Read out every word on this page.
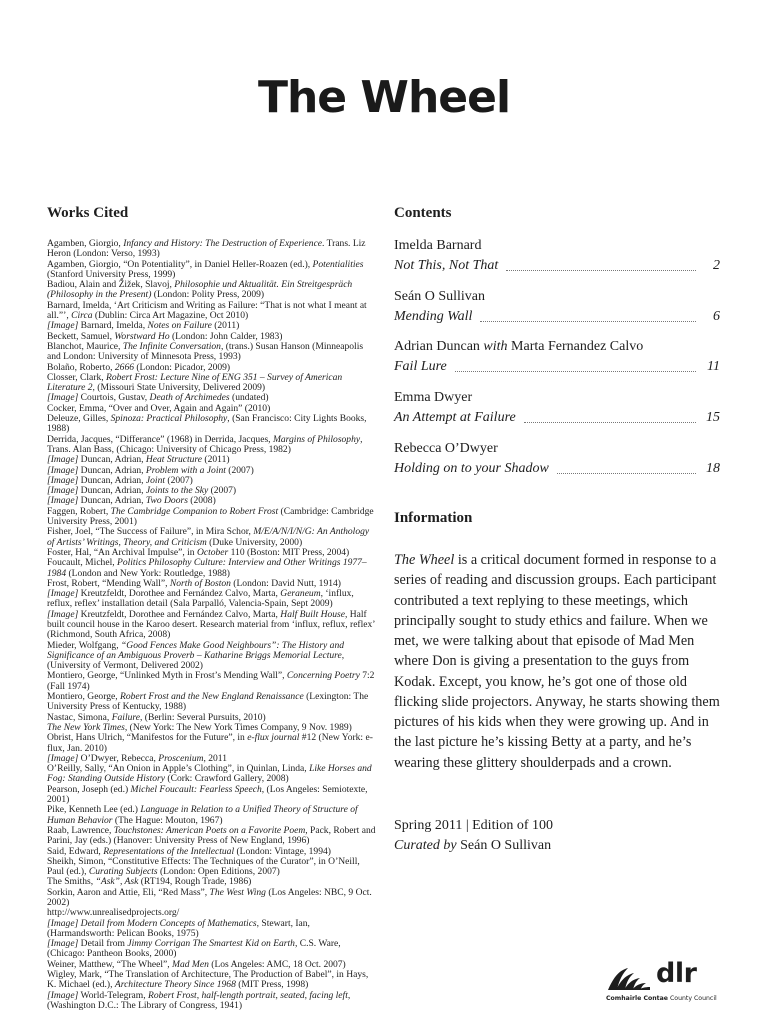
The Wheel
Works Cited

Agamben, Giorgio, Infancy and History: The Destruction of Experience. Trans. Liz Heron (London: Verso, 1993)

Agamben, Giorgio, “On Potentiality”, in Daniel Heller-Roazen (ed.), Potentialities (Stanford University Press, 1999)

Badiou, Alain and Žižek, Slavoj, Philosophie und Aktualität. Ein Streitgespräch (Philosophy in the Present) (London: Polity Press, 2009)

Barnard, Imelda, ‘Art Criticism and Writing as Failure: “That is not what I meant at all.”’, Circa (Dublin: Circa Art Magazine, Oct 2010)

[Image] Barnard, Imelda, Notes on Failure (2011)

Beckett, Samuel, Worstward Ho (London: John Calder, 1983)

Blanchot, Maurice, The Infinite Conversation, (trans.) Susan Hanson (Minneapolis and London: University of Minnesota Press, 1993)

Bolaño, Roberto, 2666 (London: Picador, 2009)

Closser, Clark, Robert Frost: Lecture Nine of ENG 351 – Survey of American Literature 2, (Missouri State University, Delivered 2009)

[Image] Courtois, Gustav, Death of Archimedes (undated)

Cocker, Emma, “Over and Over, Again and Again” (2010)

Deleuze, Gilles, Spinoza: Practical Philosophy, (San Francisco: City Lights Books, 1988)

Derrida, Jacques, “Differance” (1968) in Derrida, Jacques, Margins of Philosophy, Trans. Alan Bass, (Chicago: University of Chicago Press, 1982)

[Image] Duncan, Adrian, Heat Structure (2011)

[Image] Duncan, Adrian, Problem with a Joint (2007)

[Image] Duncan, Adrian, Joint (2007)

[Image] Duncan, Adrian, Joints to the Sky (2007)

[Image] Duncan, Adrian, Two Doors (2008)

Faggen, Robert, The Cambridge Companion to Robert Frost (Cambridge: Cambridge University Press, 2001)

Fisher, Joel, “The Success of Failure”, in Mira Schor, M/E/A/N/I/N/G: An Anthology of Artists’ Writings, Theory, and Criticism (Duke University, 2000)

Foster, Hal, “An Archival Impulse”, in October 110 (Boston: MIT Press, 2004)

Foucault, Michel, Politics Philosophy Culture: Interview and Other Writings 1977–1984 (London and New York: Routledge, 1988)

Frost, Robert, “Mending Wall”, North of Boston (London: David Nutt, 1914)

[Image] Kreutzfeldt, Dorothee and Fernández Calvo, Marta, Geraneum, ‘influx, reflux, reflex’ installation detail (Sala Parpalló, Valencia-Spain, Sept 2009)

[Image] Kreutzfeldt, Dorothee and Fernández Calvo, Marta, Half Built House, Half built council house in the Karoo desert. Research material from ‘influx, reflux, reflex’ (Richmond, South Africa, 2008)

Mieder, Wolfgang, “Good Fences Make Good Neighbours”: The History and Significance of an Ambiguous Proverb – Katharine Briggs Memorial Lecture, (University of Vermont, Delivered 2002)

Montiero, George, “Unlinked Myth in Frost’s Mending Wall”, Concerning Poetry 7:2 (Fall 1974)

Montiero, George, Robert Frost and the New England Renaissance (Lexington: The University Press of Kentucky, 1988)

Nastac, Simona, Failure, (Berlin: Several Pursuits, 2010)

The New York Times, (New York: The New York Times Company, 9 Nov. 1989)

Obrist, Hans Ulrich, “Manifestos for the Future”, in e-flux journal #12 (New York: e-flux, Jan. 2010)

[Image] O’Dwyer, Rebecca, Proscenium, 2011

O’Reilly, Sally, “An Onion in Apple’s Clothing”, in Quinlan, Linda, Like Horses and Fog: Standing Outside History (Cork: Crawford Gallery, 2008)

Pearson, Joseph (ed.) Michel Foucault: Fearless Speech, (Los Angeles: Semiotexte, 2001)

Pike, Kenneth Lee (ed.) Language in Relation to a Unified Theory of Structure of Human Behavior (The Hague: Mouton, 1967)

Raab, Lawrence, Touchstones: American Poets on a Favorite Poem, Pack, Robert and Parini, Jay (eds.) (Hanover: University Press of New England, 1996)

Said, Edward, Representations of the Intellectual (London: Vintage, 1994)

Sheikh, Simon, “Constitutive Effects: The Techniques of the Curator”, in O’Neill, Paul (ed.), Curating Subjects (London: Open Editions, 2007)

The Smiths, “Ask”, Ask (RT194, Rough Trade, 1986)

Sorkin, Aaron and Attie, Eli, “Red Mass”, The West Wing (Los Angeles: NBC, 9 Oct. 2002)

http://www.unrealisedprojects.org/

[Image] Detail from Modern Concepts of Mathematics, Stewart, Ian, (Harmandsworth: Pelican Books, 1975)

[Image] Detail from Jimmy Corrigan The Smartest Kid on Earth, C.S. Ware, (Chicago: Pantheon Books, 2000)

Weiner, Matthew, “The Wheel”, Mad Men (Los Angeles: AMC, 18 Oct. 2007)

Wigley, Mark, “The Translation of Architecture, The Production of Babel”, in Hays, K. Michael (ed.), Architecture Theory Since 1968 (MIT Press, 1998)

[Image] World-Telegram, Robert Frost, half-length portrait, seated, facing left, (Washington D.C.: The Library of Congress, 1941)

Contents
Imelda Barnard
Not This, Not That	2
Seán O Sullivan
Mending Wall	6
Adrian Duncan with Marta Fernandez Calvo
Fail Lure	11
Emma Dwyer
An Attempt at Failure	15
Rebecca O’Dwyer
Holding on to your Shadow	18
Information

The Wheel is a critical document formed in response to a series of reading and discussion groups. Each participant contributed a text replying to these meetings, which principally sought to study ethics and failure. When we met, we were talking about that episode of Mad Men where Don is giving a presentation to the guys from Kodak. Except, you know, he’s got one of those old flicking slide projectors. Anyway, he starts showing them pictures of his kids when they were growing up. And in the last picture he’s kissing Betty at a party, and he’s wearing these glittery shoulderpads and a crown.

Spring 2011 | Edition of 100
Curated by Seán O Sullivan
dlr
Comhairle Contae County Council
